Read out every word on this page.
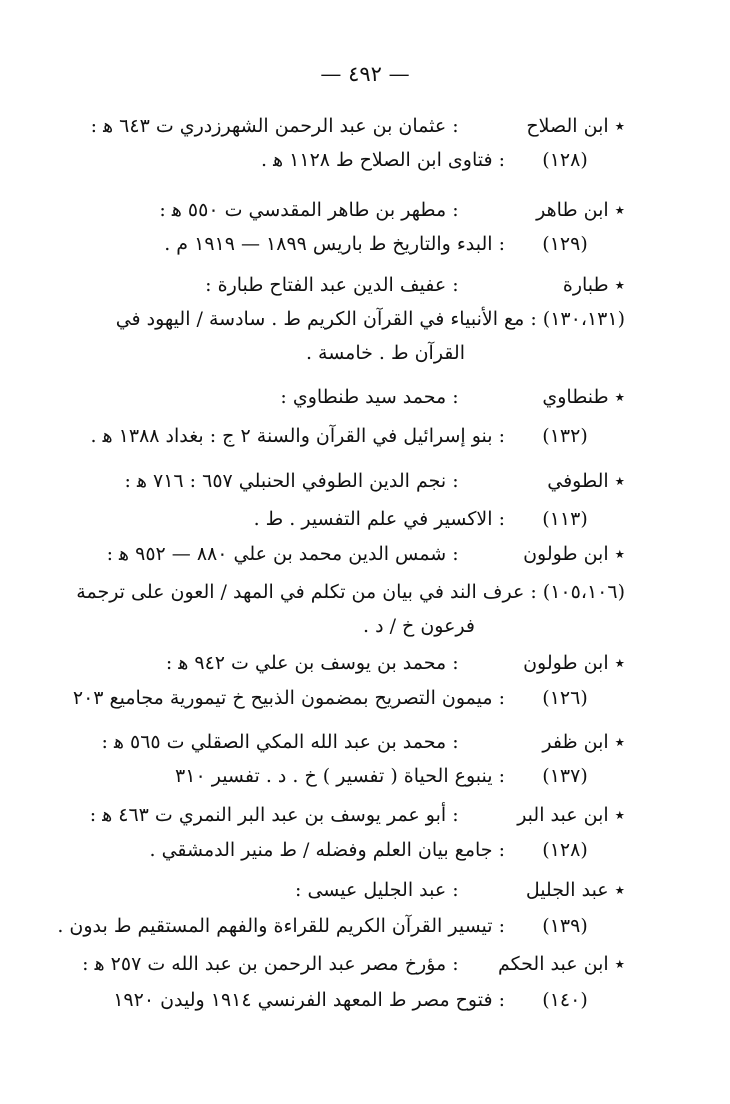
— ٤٩٢ —
٭ابن الصلاح: عثمان بن عبد الرحمن الشهرزدري ت ٦٤٣ ﻫ :
(١٢٨): فتاوى ابن الصلاح ط ١١٢٨ ﻫ .
٭ابن طاهر: مطهر بن طاهر المقدسي ت ٥٥٠ ﻫ :
(١٢٩): البدء والتاريخ ط باريس ١٨٩٩ — ١٩١٩ م .
٭طبارة: عفيف الدين عبد الفتاح طبارة :
(١٣٠،١٣١) : مع الأنبياء في القرآن الكريم ط . سادسة / اليهود في
القرآن ط . خامسة .
٭طنطاوي: محمد سيد طنطاوي :
(١٣٢): بنو إسرائيل في القرآن والسنة ٢ ج : بغداد ١٣٨٨ ﻫ .
٭الطوفي: نجم الدين الطوفي الحنبلي ٦٥٧ : ٧١٦ ﻫ :
(١١٣): الاكسير في علم التفسير . ط .
٭ابن طولون: شمس الدين محمد بن علي ٨٨٠ — ٩٥٢ ﻫ :
(١٠٥،١٠٦) : عرف الند في بيان من تكلم في المهد / العون على ترجمة
فرعون خ / د .
٭ابن طولون: محمد بن يوسف بن علي ت ٩٤٢ ﻫ :
(١٢٦): ميمون التصريح بمضمون الذبيح خ تيمورية مجاميع ٢٠٣
٭ابن ظفر: محمد بن عبد الله المكي الصقلي ت ٥٦٥ ﻫ :
(١٣٧): ينبوع الحياة ( تفسير ) خ . د . تفسير ٣١٠
٭ابن عبد البر: أبو عمر يوسف بن عبد البر النمري ت ٤٦٣ ﻫ :
(١٢٨): جامع بيان العلم وفضله / ط منير الدمشقي .
٭عبد الجليل: عبد الجليل عيسى :
(١٣٩): تيسير القرآن الكريم للقراءة والفهم المستقيم ط بدون .
٭ابن عبد الحكم: مؤرخ مصر عبد الرحمن بن عبد الله ت ٢٥٧ ﻫ :
(١٤٠): فتوح مصر ط المعهد الفرنسي ١٩١٤ وليدن ١٩٢٠
